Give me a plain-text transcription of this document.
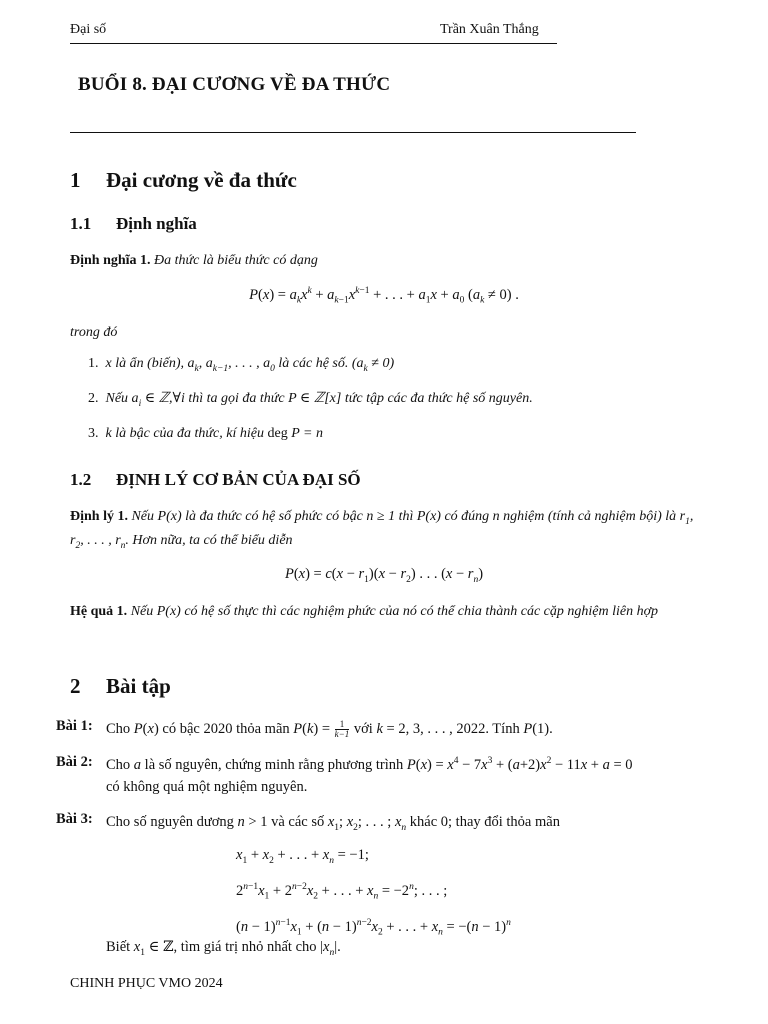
Đại số	Trần Xuân Thắng
BUỔI 8. ĐẠI CƯƠNG VỀ ĐA THỨC
1 Đại cương về đa thức
1.1 Định nghĩa
Định nghĩa 1. Đa thức là biểu thức có dạng
$P(x) = a_kx^k + a_{k-1}x^{k-1}$ + . . . + $a_1x + a_0$ $(a_k \ne 0)$ .
trong đó
1.  x là ẩn (biến), $a_k$, $a_{k-1}$, . . . , $a_0$ là các hệ số. $(a_k \ne 0)$
2.  Nếu $a_i$ ∈ ℤ,∀i thì ta gọi đa thức P ∈ ℤ[x] tức tập các đa thức hệ số nguyên.
3.  k là bậc của đa thức, kí hiệu deg P = n
1.2 ĐỊNH LÝ CƠ BẢN CỦA ĐẠI SỐ
Định lý 1. Nếu P(x) là đa thức có hệ số phức có bậc n ≥ 1 thì P(x) có đúng n nghiệm (tính cả nghiệm bội) là $r_1$, $r_2$, . . . , $r_n$. Hơn nữa, ta có thể biểu diễn
$P(x) = c(x - r_1)(x - r_2)$ . . . $(x - r_n)$
Hệ quả 1. Nếu P(x) có hệ số thực thì các nghiệm phức của nó có thể chia thành các cặp nghiệm liên hợp
2 Bài tập
Bài 1: Cho P(x) có bậc 2020 thỏa mãn $P(k) = \frac{1}{k-1}$ với k = 2, 3, . . . , 2022. Tính P(1).
Bài 2: Cho a là số nguyên, chứng minh rằng phương trình $P(x) = x^4 - 7x^3 + (a+2)x^2 - 11x + a = 0$
có không quá một nghiệm nguyên.
Bài 3: Cho số nguyên dương n > 1 và các số $x_1$; $x_2$; . . . ; $x_n$ khác 0; thay đổi thỏa mãn
$x_1 + x_2$ + . . . + $x_n = -1$;
$2^{n-1}x_1 + 2^{n-2}x_2$ + . . . + $x_n = -2^n$; . . . ;
$(n - 1)^{n-1}x_1 + (n - 1)^{n-2}x_2$ + . . . + $x_n = -(n - 1)^n$
Biết $x_1$ ∈ ℤ, tìm giá trị nhỏ nhất cho $|x_n|$.
CHINH PHỤC VMO 2024
